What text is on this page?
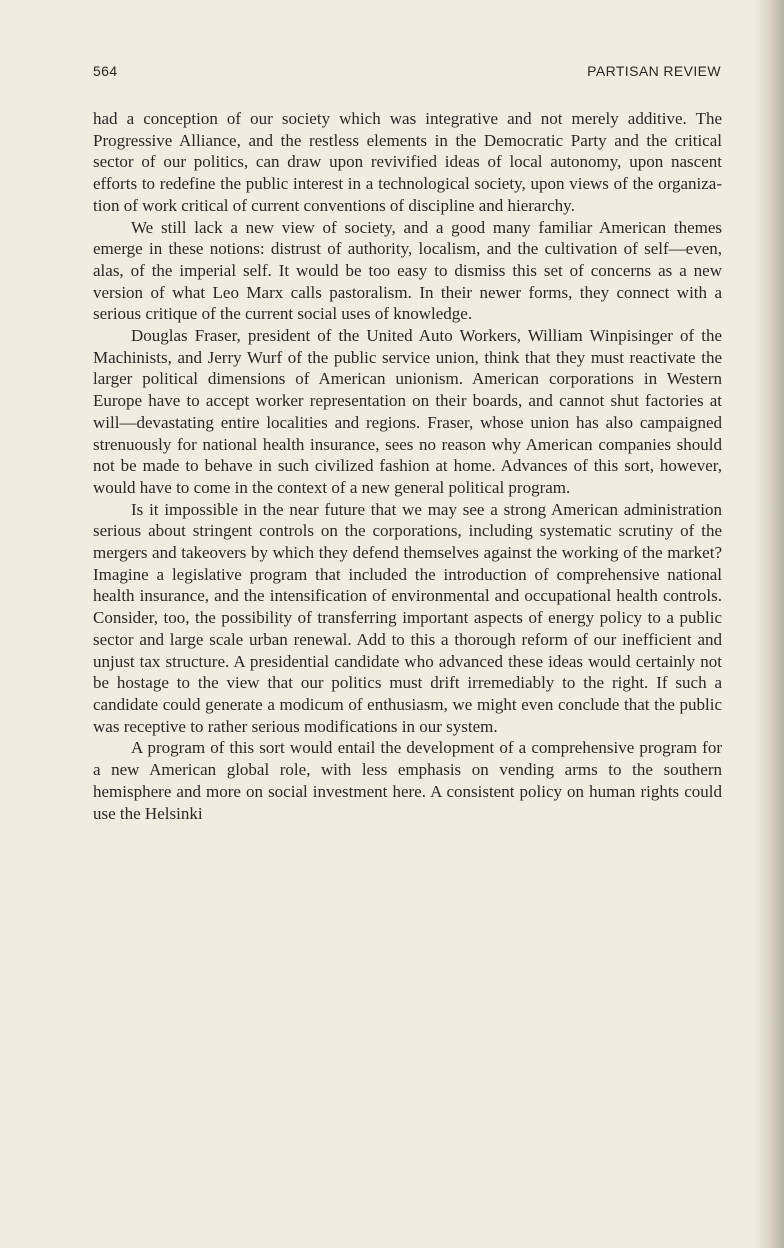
564	PARTISAN REVIEW

had a conception of our society which was integrative and not merely additive. The Progressive Alliance, and the restless elements in the Democratic Party and the critical sector of our politics, can draw upon revivified ideas of local autonomy, upon nascent efforts to redefine the public interest in a technological society, upon views of the organization of work critical of current conventions of discipline and hierarchy.

We still lack a new view of society, and a good many familiar American themes emerge in these notions: distrust of authority, localism, and the cultivation of self—even, alas, of the imperial self. It would be too easy to dismiss this set of concerns as a new version of what Leo Marx calls pastoralism. In their newer forms, they connect with a serious critique of the current social uses of knowledge.

Douglas Fraser, president of the United Auto Workers, William Winpisinger of the Machinists, and Jerry Wurf of the public service union, think that they must reactivate the larger political dimensions of American unionism. American corporations in Western Europe have to accept worker representation on their boards, and cannot shut factories at will—devastating entire localities and regions. Fraser, whose union has also campaigned strenuously for national health insurance, sees no reason why American companies should not be made to behave in such civilized fashion at home. Advances of this sort, however, would have to come in the context of a new general political program.

Is it impossible in the near future that we may see a strong American administration serious about stringent controls on the corporations, including systematic scrutiny of the mergers and takeovers by which they defend themselves against the working of the market? Imagine a legislative program that included the introduction of comprehensive national health insurance, and the intensification of environmental and occupational health controls. Consider, too, the possibility of transferring important aspects of energy policy to a public sector and large scale urban renewal. Add to this a thorough reform of our inefficient and unjust tax structure. A presidential candidate who advanced these ideas would certainly not be hostage to the view that our politics must drift irremediably to the right. If such a candidate could generate a modicum of enthusiasm, we might even conclude that the public was receptive to rather serious modifications in our system.

A program of this sort would entail the development of a comprehensive program for a new American global role, with less emphasis on vending arms to the southern hemisphere and more on social investment here. A consistent policy on human rights could use the Helsinki
